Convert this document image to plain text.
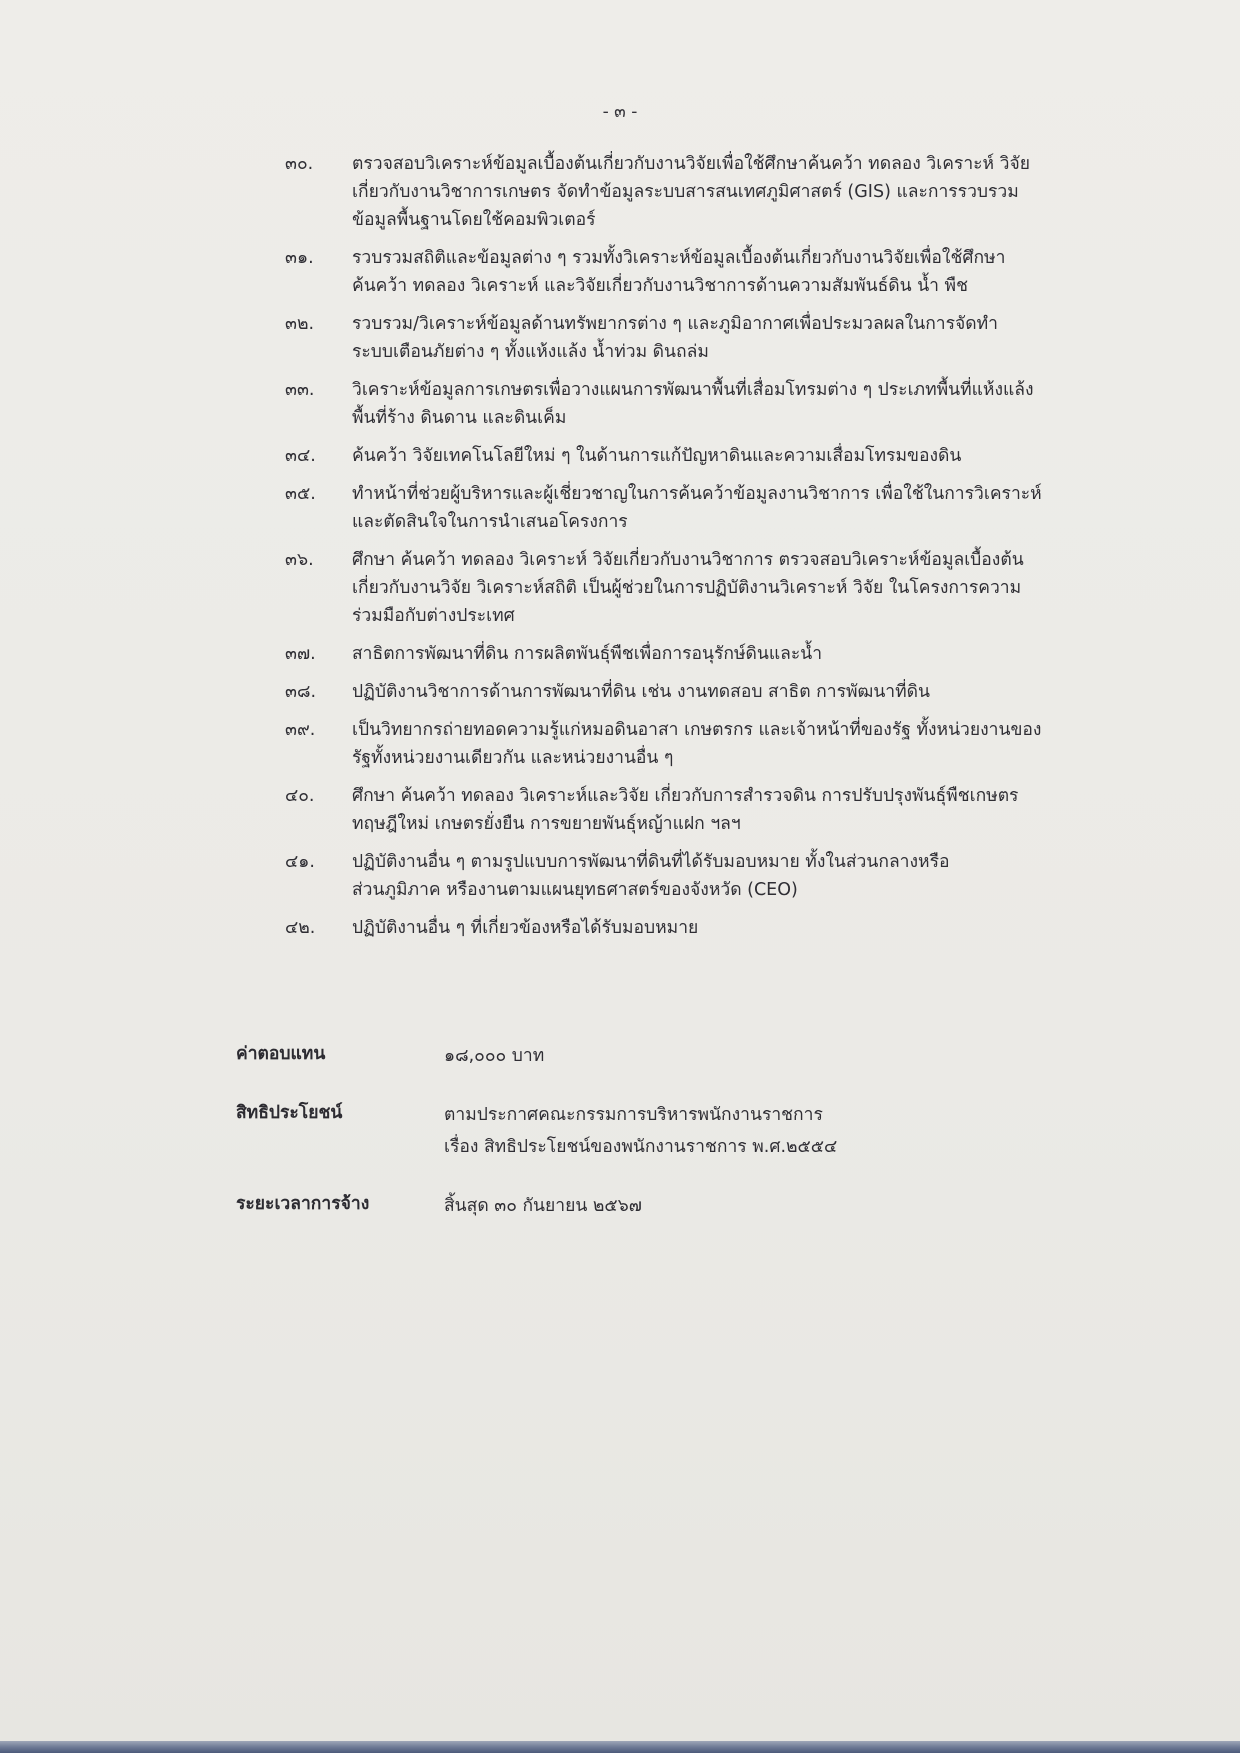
- ๓ -
๓๐.	ตรวจสอบวิเคราะห์ข้อมูลเบื้องต้นเกี่ยวกับงานวิจัยเพื่อใช้ศึกษาค้นคว้า ทดลอง วิเคราะห์ วิจัย
เกี่ยวกับงานวิชาการเกษตร จัดทำข้อมูลระบบสารสนเทศภูมิศาสตร์ (GIS) และการรวบรวม
ข้อมูลพื้นฐานโดยใช้คอมพิวเตอร์
๓๑.	รวบรวมสถิติและข้อมูลต่าง ๆ รวมทั้งวิเคราะห์ข้อมูลเบื้องต้นเกี่ยวกับงานวิจัยเพื่อใช้ศึกษา
ค้นคว้า ทดลอง วิเคราะห์ และวิจัยเกี่ยวกับงานวิชาการด้านความสัมพันธ์ดิน น้ำ พืช
๓๒.	รวบรวม/วิเคราะห์ข้อมูลด้านทรัพยากรต่าง ๆ และภูมิอากาศเพื่อประมวลผลในการจัดทำ
ระบบเตือนภัยต่าง ๆ ทั้งแห้งแล้ง น้ำท่วม ดินถล่ม
๓๓.	วิเคราะห์ข้อมูลการเกษตรเพื่อวางแผนการพัฒนาพื้นที่เสื่อมโทรมต่าง ๆ ประเภทพื้นที่แห้งแล้ง
พื้นที่ร้าง ดินดาน และดินเค็ม
๓๔.	ค้นคว้า วิจัยเทคโนโลยีใหม่ ๆ ในด้านการแก้ปัญหาดินและความเสื่อมโทรมของดิน
๓๕.	ทำหน้าที่ช่วยผู้บริหารและผู้เชี่ยวชาญในการค้นคว้าข้อมูลงานวิชาการ เพื่อใช้ในการวิเคราะห์
และตัดสินใจในการนำเสนอโครงการ
๓๖.	ศึกษา ค้นคว้า ทดลอง วิเคราะห์ วิจัยเกี่ยวกับงานวิชาการ ตรวจสอบวิเคราะห์ข้อมูลเบื้องต้น
เกี่ยวกับงานวิจัย วิเคราะห์สถิติ เป็นผู้ช่วยในการปฏิบัติงานวิเคราะห์ วิจัย ในโครงการความ
ร่วมมือกับต่างประเทศ
๓๗.	สาธิตการพัฒนาที่ดิน การผลิตพันธุ์พืชเพื่อการอนุรักษ์ดินและน้ำ
๓๘.	ปฏิบัติงานวิชาการด้านการพัฒนาที่ดิน เช่น งานทดสอบ สาธิต การพัฒนาที่ดิน
๓๙.	เป็นวิทยากรถ่ายทอดความรู้แก่หมอดินอาสา เกษตรกร และเจ้าหน้าที่ของรัฐ ทั้งหน่วยงานของ
รัฐทั้งหน่วยงานเดียวกัน และหน่วยงานอื่น ๆ
๔๐.	ศึกษา ค้นคว้า ทดลอง วิเคราะห์และวิจัย เกี่ยวกับการสำรวจดิน การปรับปรุงพันธุ์พืชเกษตร
ทฤษฎีใหม่ เกษตรยั่งยืน การขยายพันธุ์หญ้าแฝก ฯลฯ
๔๑.	ปฏิบัติงานอื่น ๆ ตามรูปแบบการพัฒนาที่ดินที่ได้รับมอบหมาย ทั้งในส่วนกลางหรือ
ส่วนภูมิภาค หรืองานตามแผนยุทธศาสตร์ของจังหวัด (CEO)
๔๒.	ปฏิบัติงานอื่น ๆ ที่เกี่ยวข้องหรือได้รับมอบหมาย
ค่าตอบแทน	๑๘,๐๐๐ บาท
สิทธิประโยชน์	ตามประกาศคณะกรรมการบริหารพนักงานราชการ
เรื่อง สิทธิประโยชน์ของพนักงานราชการ พ.ศ.๒๕๕๔
ระยะเวลาการจ้าง	สิ้นสุด ๓๐ กันยายน ๒๕๖๗
